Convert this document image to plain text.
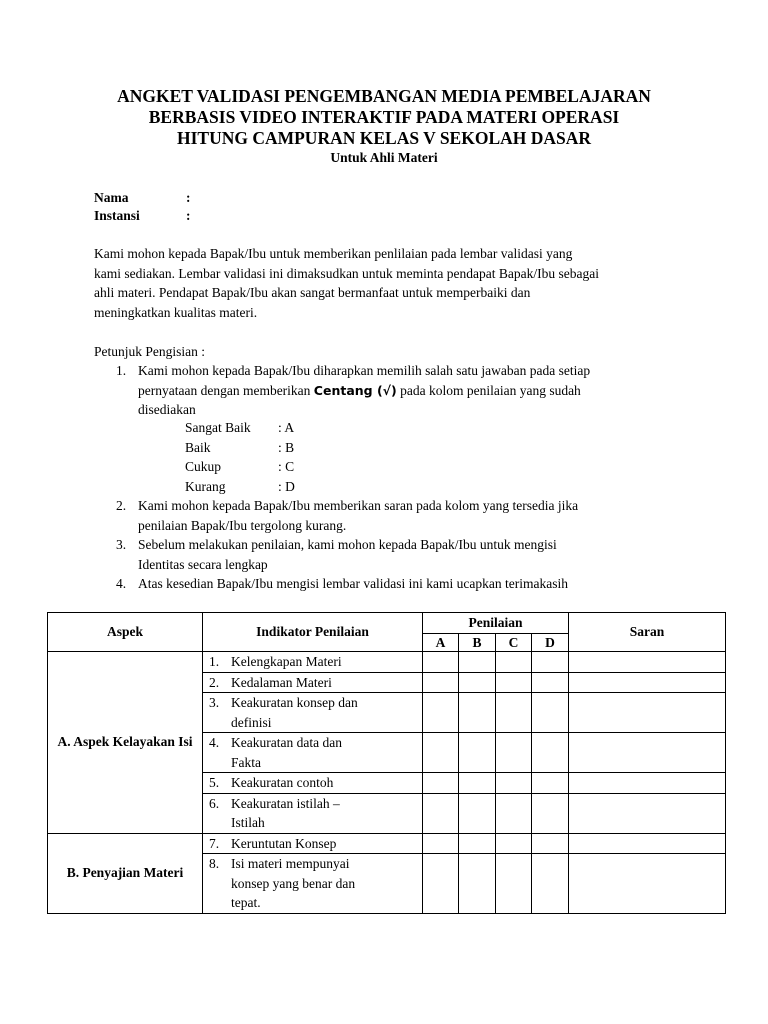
ANGKET VALIDASI PENGEMBANGAN MEDIA PEMBELAJARAN
BERBASIS VIDEO INTERAKTIF PADA MATERI OPERASI
HITUNG CAMPURAN KELAS V SEKOLAH DASAR
Untuk Ahli Materi
Nama	:
Instansi	:
Kami mohon kepada Bapak/Ibu untuk memberikan penlilaian pada lembar validasi yang
kami sediakan. Lembar validasi ini dimaksudkan untuk meminta pendapat Bapak/Ibu sebagai
ahli materi. Pendapat Bapak/Ibu akan sangat bermanfaat untuk memperbaiki dan
meningkatkan kualitas materi.
Petunjuk Pengisian :
1. Kami mohon kepada Bapak/Ibu diharapkan memilih salah satu jawaban pada setiap
pernyataan dengan memberikan Centang (√) pada kolom penilaian yang sudah
disediakan
Sangat Baik : A
Baik	: B
Cukup	: C
Kurang	: D
2. Kami mohon kepada Bapak/Ibu memberikan saran pada kolom yang tersedia jika
penilaian Bapak/Ibu tergolong kurang.
3. Sebelum melakukan penilaian, kami mohon kepada Bapak/Ibu untuk mengisi
Identitas secara lengkap
4. Atas kesedian Bapak/Ibu mengisi lembar validasi ini kami ucapkan terimakasih
Aspek	Indikator Penilaian	Penilaian				Saran
		A	B	C	D	
A. Aspek Kelayakan Isi	1. Kelengkapan Materi					
	2. Kedalaman Materi					
	3. Keakuratan konsep dan
definisi					

	4. Keakuratan data dan
Fakta					

	5. Keakuratan contoh					
	6. Keakuratan istilah –
Istilah					

B. Penyajian Materi	7. Keruntutan Konsep					
	8. Isi materi mempunyai
konsep yang benar dan
tepat.					
